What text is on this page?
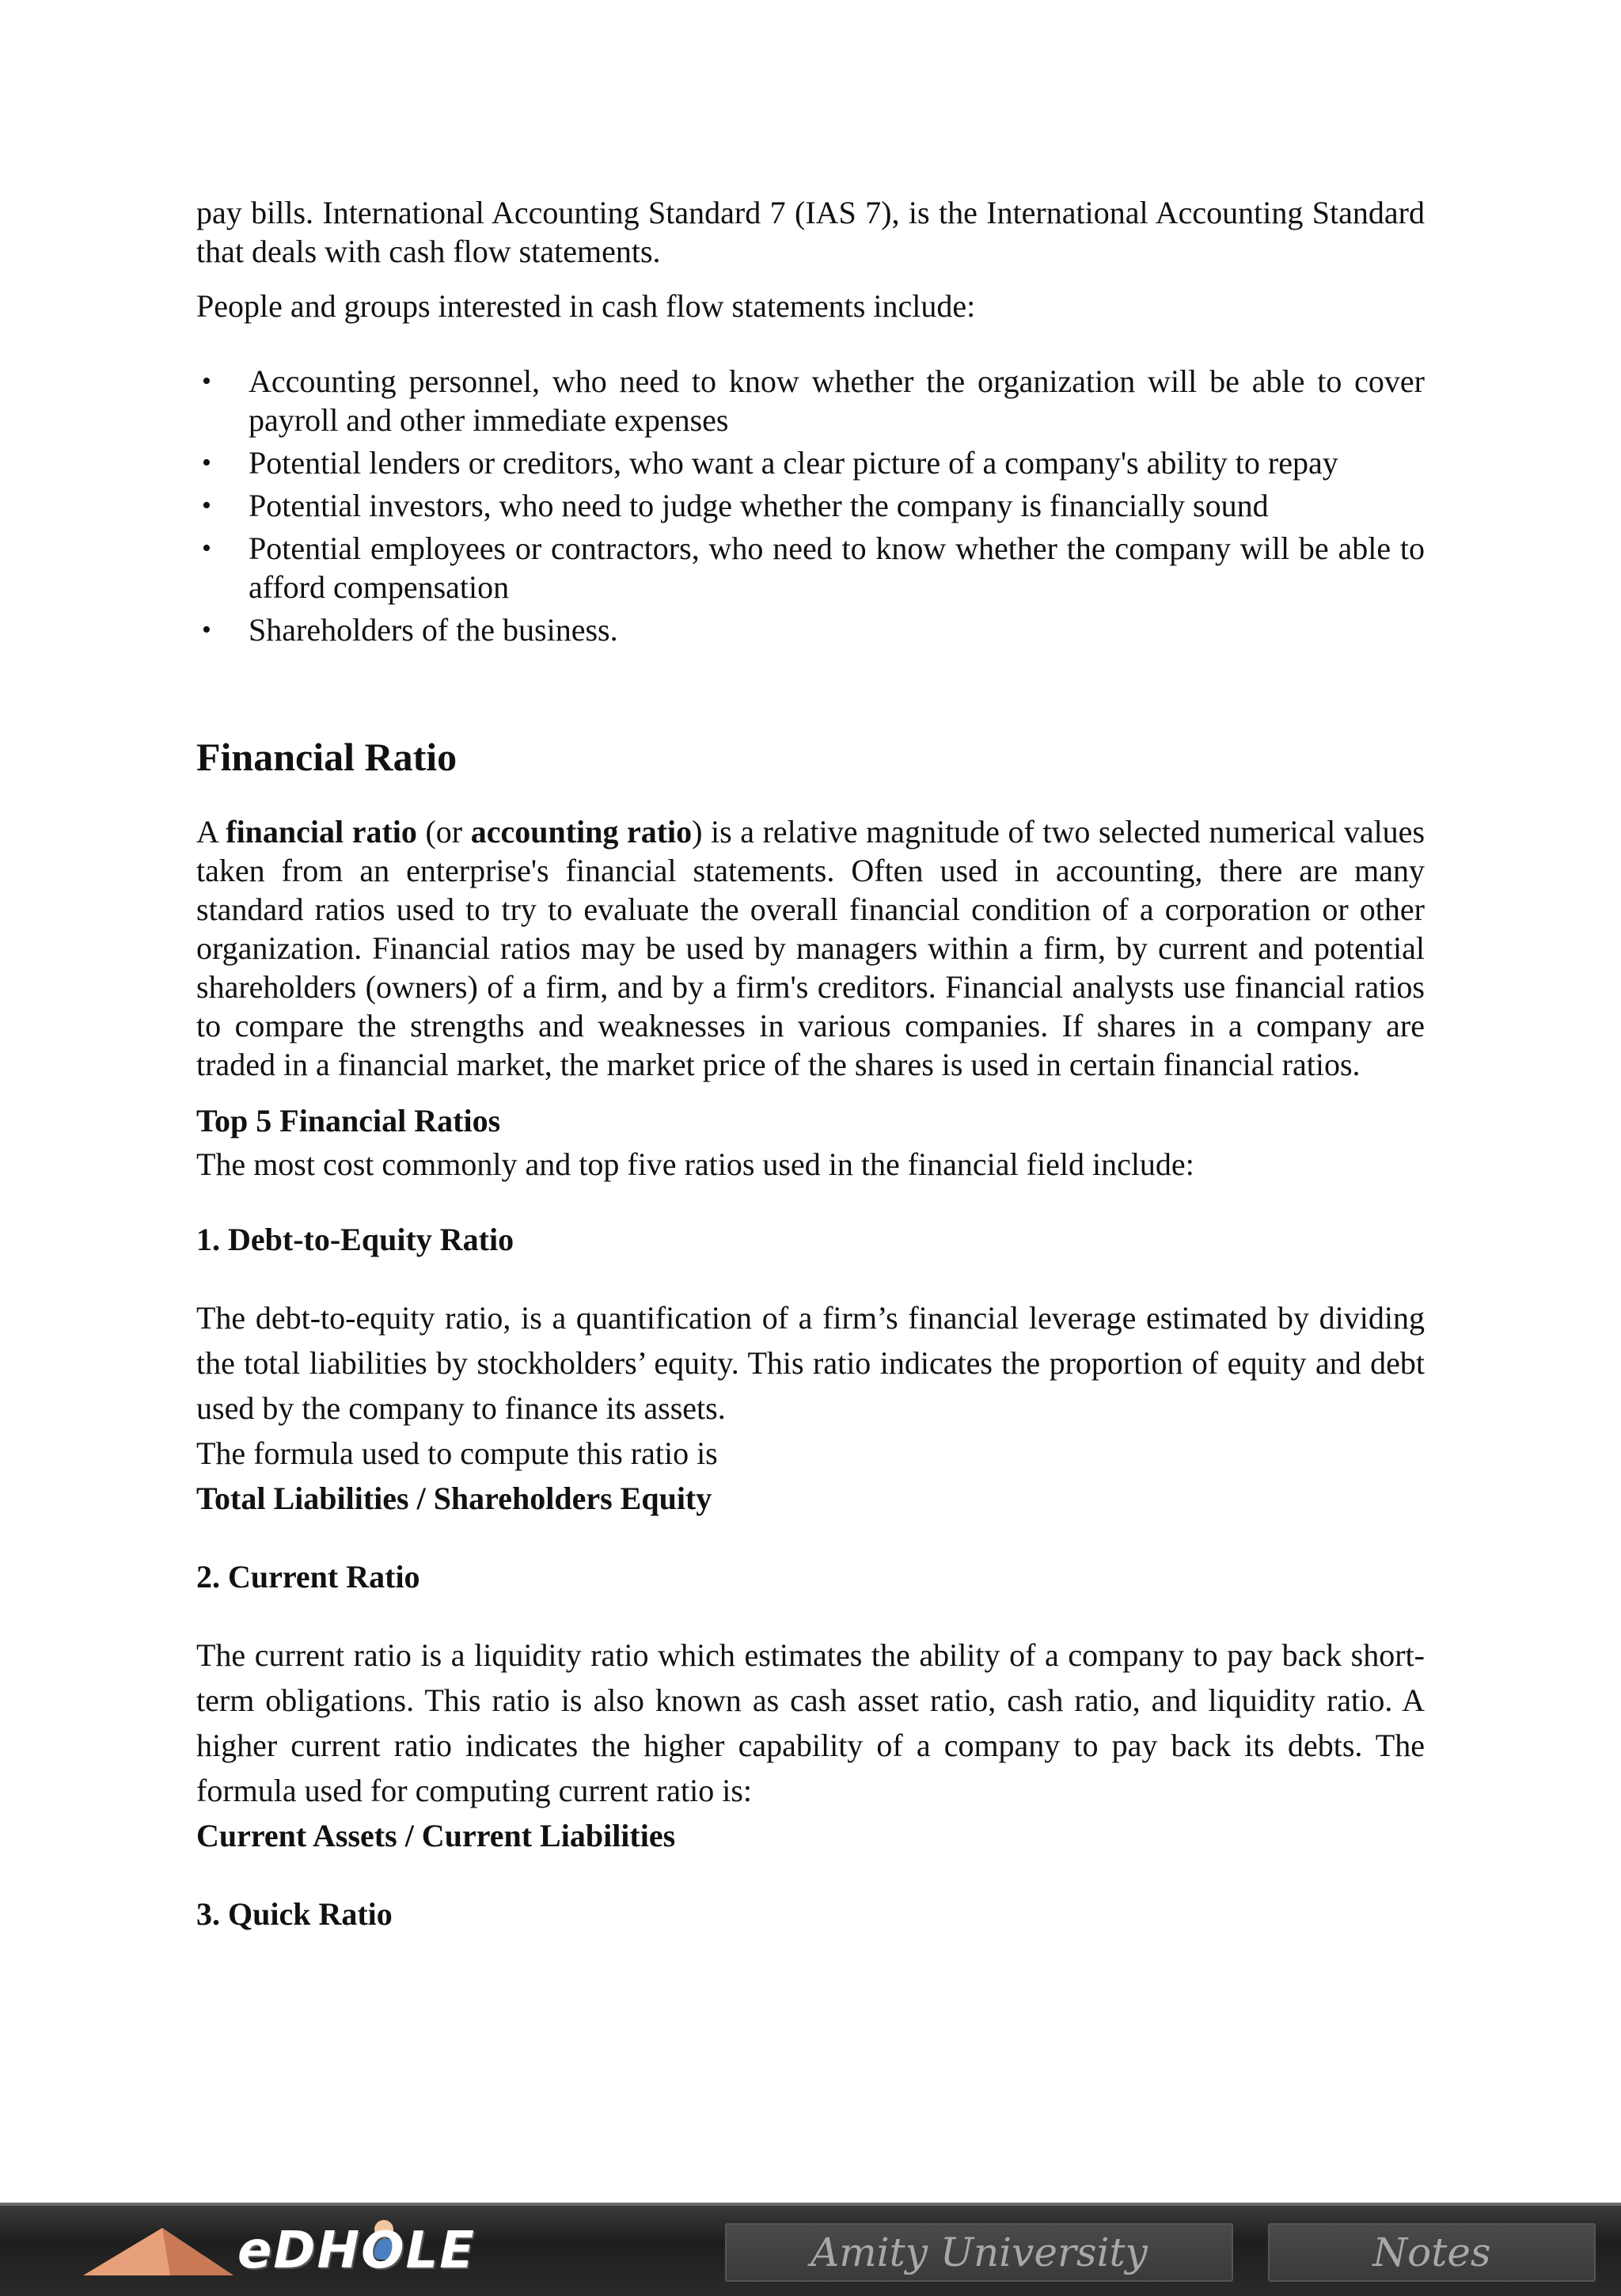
pay bills. International Accounting Standard 7 (IAS 7), is the International Accounting Standard that deals with cash flow statements.

People and groups interested in cash flow statements include:

• Accounting personnel, who need to know whether the organization will be able to cover payroll and other immediate expenses
• Potential lenders or creditors, who want a clear picture of a company's ability to repay
• Potential investors, who need to judge whether the company is financially sound
• Potential employees or contractors, who need to know whether the company will be able to afford compensation
• Shareholders of the business.
Financial Ratio

A financial ratio (or accounting ratio) is a relative magnitude of two selected numerical values taken from an enterprise's financial statements. Often used in accounting, there are many standard ratios used to try to evaluate the overall financial condition of a corporation or other organization. Financial ratios may be used by managers within a firm, by current and potential shareholders (owners) of a firm, and by a firm's creditors. Financial analysts use financial ratios to compare the strengths and weaknesses in various companies. If shares in a company are traded in a financial market, the market price of the shares is used in certain financial ratios.

Top 5 Financial Ratios

The most cost commonly and top five ratios used in the financial field include:

1. Debt-to-Equity Ratio

The debt-to-equity ratio, is a quantification of a firm’s financial leverage estimated by dividing the total liabilities by stockholders’ equity. This ratio indicates the proportion of equity and debt used by the company to finance its assets.

The formula used to compute this ratio is

Total Liabilities / Shareholders Equity

2. Current Ratio

The current ratio is a liquidity ratio which estimates the ability of a company to pay back short-term obligations. This ratio is also known as cash asset ratio, cash ratio, and liquidity ratio. A higher current ratio indicates the higher capability of a company to pay back its debts. The formula used for computing current ratio is:

Current Assets / Current Liabilities

3. Quick Ratio

eDHOLE	Amity University	Notes
